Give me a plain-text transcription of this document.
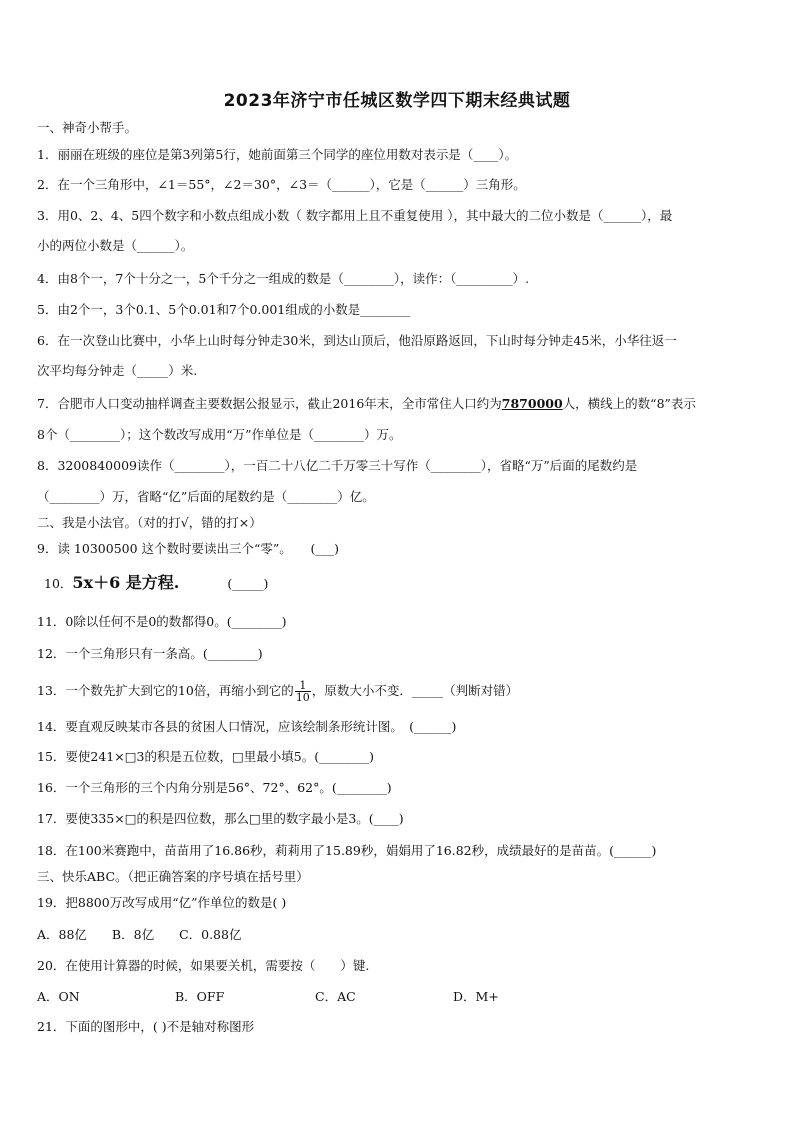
2023年济宁市任城区数学四下期末经典试题
一、神奇小帮手。
1．丽丽在班级的座位是第3列第5行，她前面第三个同学的座位用数对表示是（____）。
2．在一个三角形中，∠1＝55°，∠2＝30°，∠3＝（______），它是（______）三角形。
3．用0、2、4、5四个数字和小数点组成小数（ 数字都用上且不重复使用 ），其中最大的二位小数是（______），最
小的两位小数是（______）。
4．由8个一，7个十分之一，5个千分之一组成的数是（________），读作：（_________）.
5．由2个一，3个0.1、5个0.01和7个0.001组成的小数是________
6．在一次登山比赛中，小华上山时每分钟走30米，到达山顶后，他沿原路返回，下山时每分钟走45米，小华往返一
次平均每分钟走（_____）米.
7．合肥市人口变动抽样调查主要数据公报显示，截止2016年末，全市常住人口约为7870000人，横线上的数“8”表示
8个（________）；这个数改写成用“万”作单位是（________）万。
8．3200840009读作（________），一百二十八亿二千万零三十写作（________），省略“万”后面的尾数约是
（________）万，省略“亿”后面的尾数约是（________）亿。
二、我是小法官。（对的打√，错的打×）
9．读 10300500 这个数时要读出三个“零”。　　(___)
10．5x＋6 是方程.	(_____)
11．0除以任何不是0的数都得0。(________)
12．一个三角形只有一条高。(________)
13．一个数先扩大到它的10倍，再缩小到它的 $\frac{1}{10}$ ，原数大小不变．_____（判断对错）
14．要直观反映某市各县的贫困人口情况，应该绘制条形统计图。　(______)
15．要使241×□3的积是五位数，□里最小填5。(________)
16．一个三角形的三个内角分别是56°、72°、62°。(________)
17．要使335×□的积是四位数，那么□里的数字最小是3。(____)
18．在100米赛跑中，苗苗用了16.86秒，莉莉用了15.89秒，娟娟用了16.82秒，成绩最好的是苗苗。(______)
三、快乐ABC。（把正确答案的序号填在括号里）
19．把8800万改写成用“亿”作单位的数是( )
A．88亿　　B．8亿　　C．0.88亿
20．在使用计算器的时候，如果要关机，需要按（　　）键.
A．ON	B．OFF	C．AC	D．M+
21．下面的图形中，( )不是轴对称图形
